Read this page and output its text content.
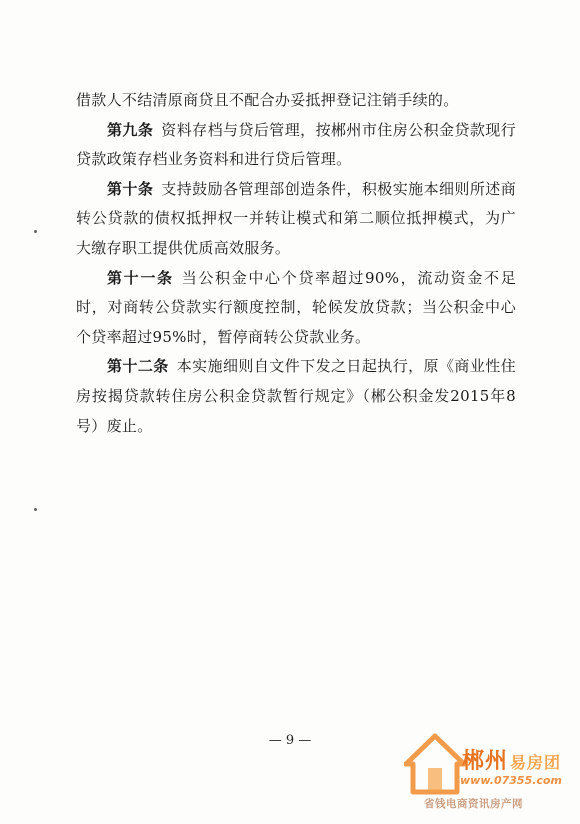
借款人不结清原商贷且不配合办妥抵押登记注销手续的。

第九条 资料存档与贷后管理，按郴州市住房公积金贷款现行贷款政策存档业务资料和进行贷后管理。

第十条 支持鼓励各管理部创造条件，积极实施本细则所述商转公贷款的债权抵押权一并转让模式和第二顺位抵押模式，为广大缴存职工提供优质高效服务。

第十一条 当公积金中心个贷率超过90%，流动资金不足时，对商转公贷款实行额度控制，轮候发放贷款；当公积金中心个贷率超过95%时，暂停商转公贷款业务。

第十二条 本实施细则自文件下发之日起执行，原《商业性住房按揭贷款转住房公积金贷款暂行规定》（郴公积金发2015年8号）废止。

— 9 —
郴州 易房团
www.07355.com
省钱电商资讯房产网
